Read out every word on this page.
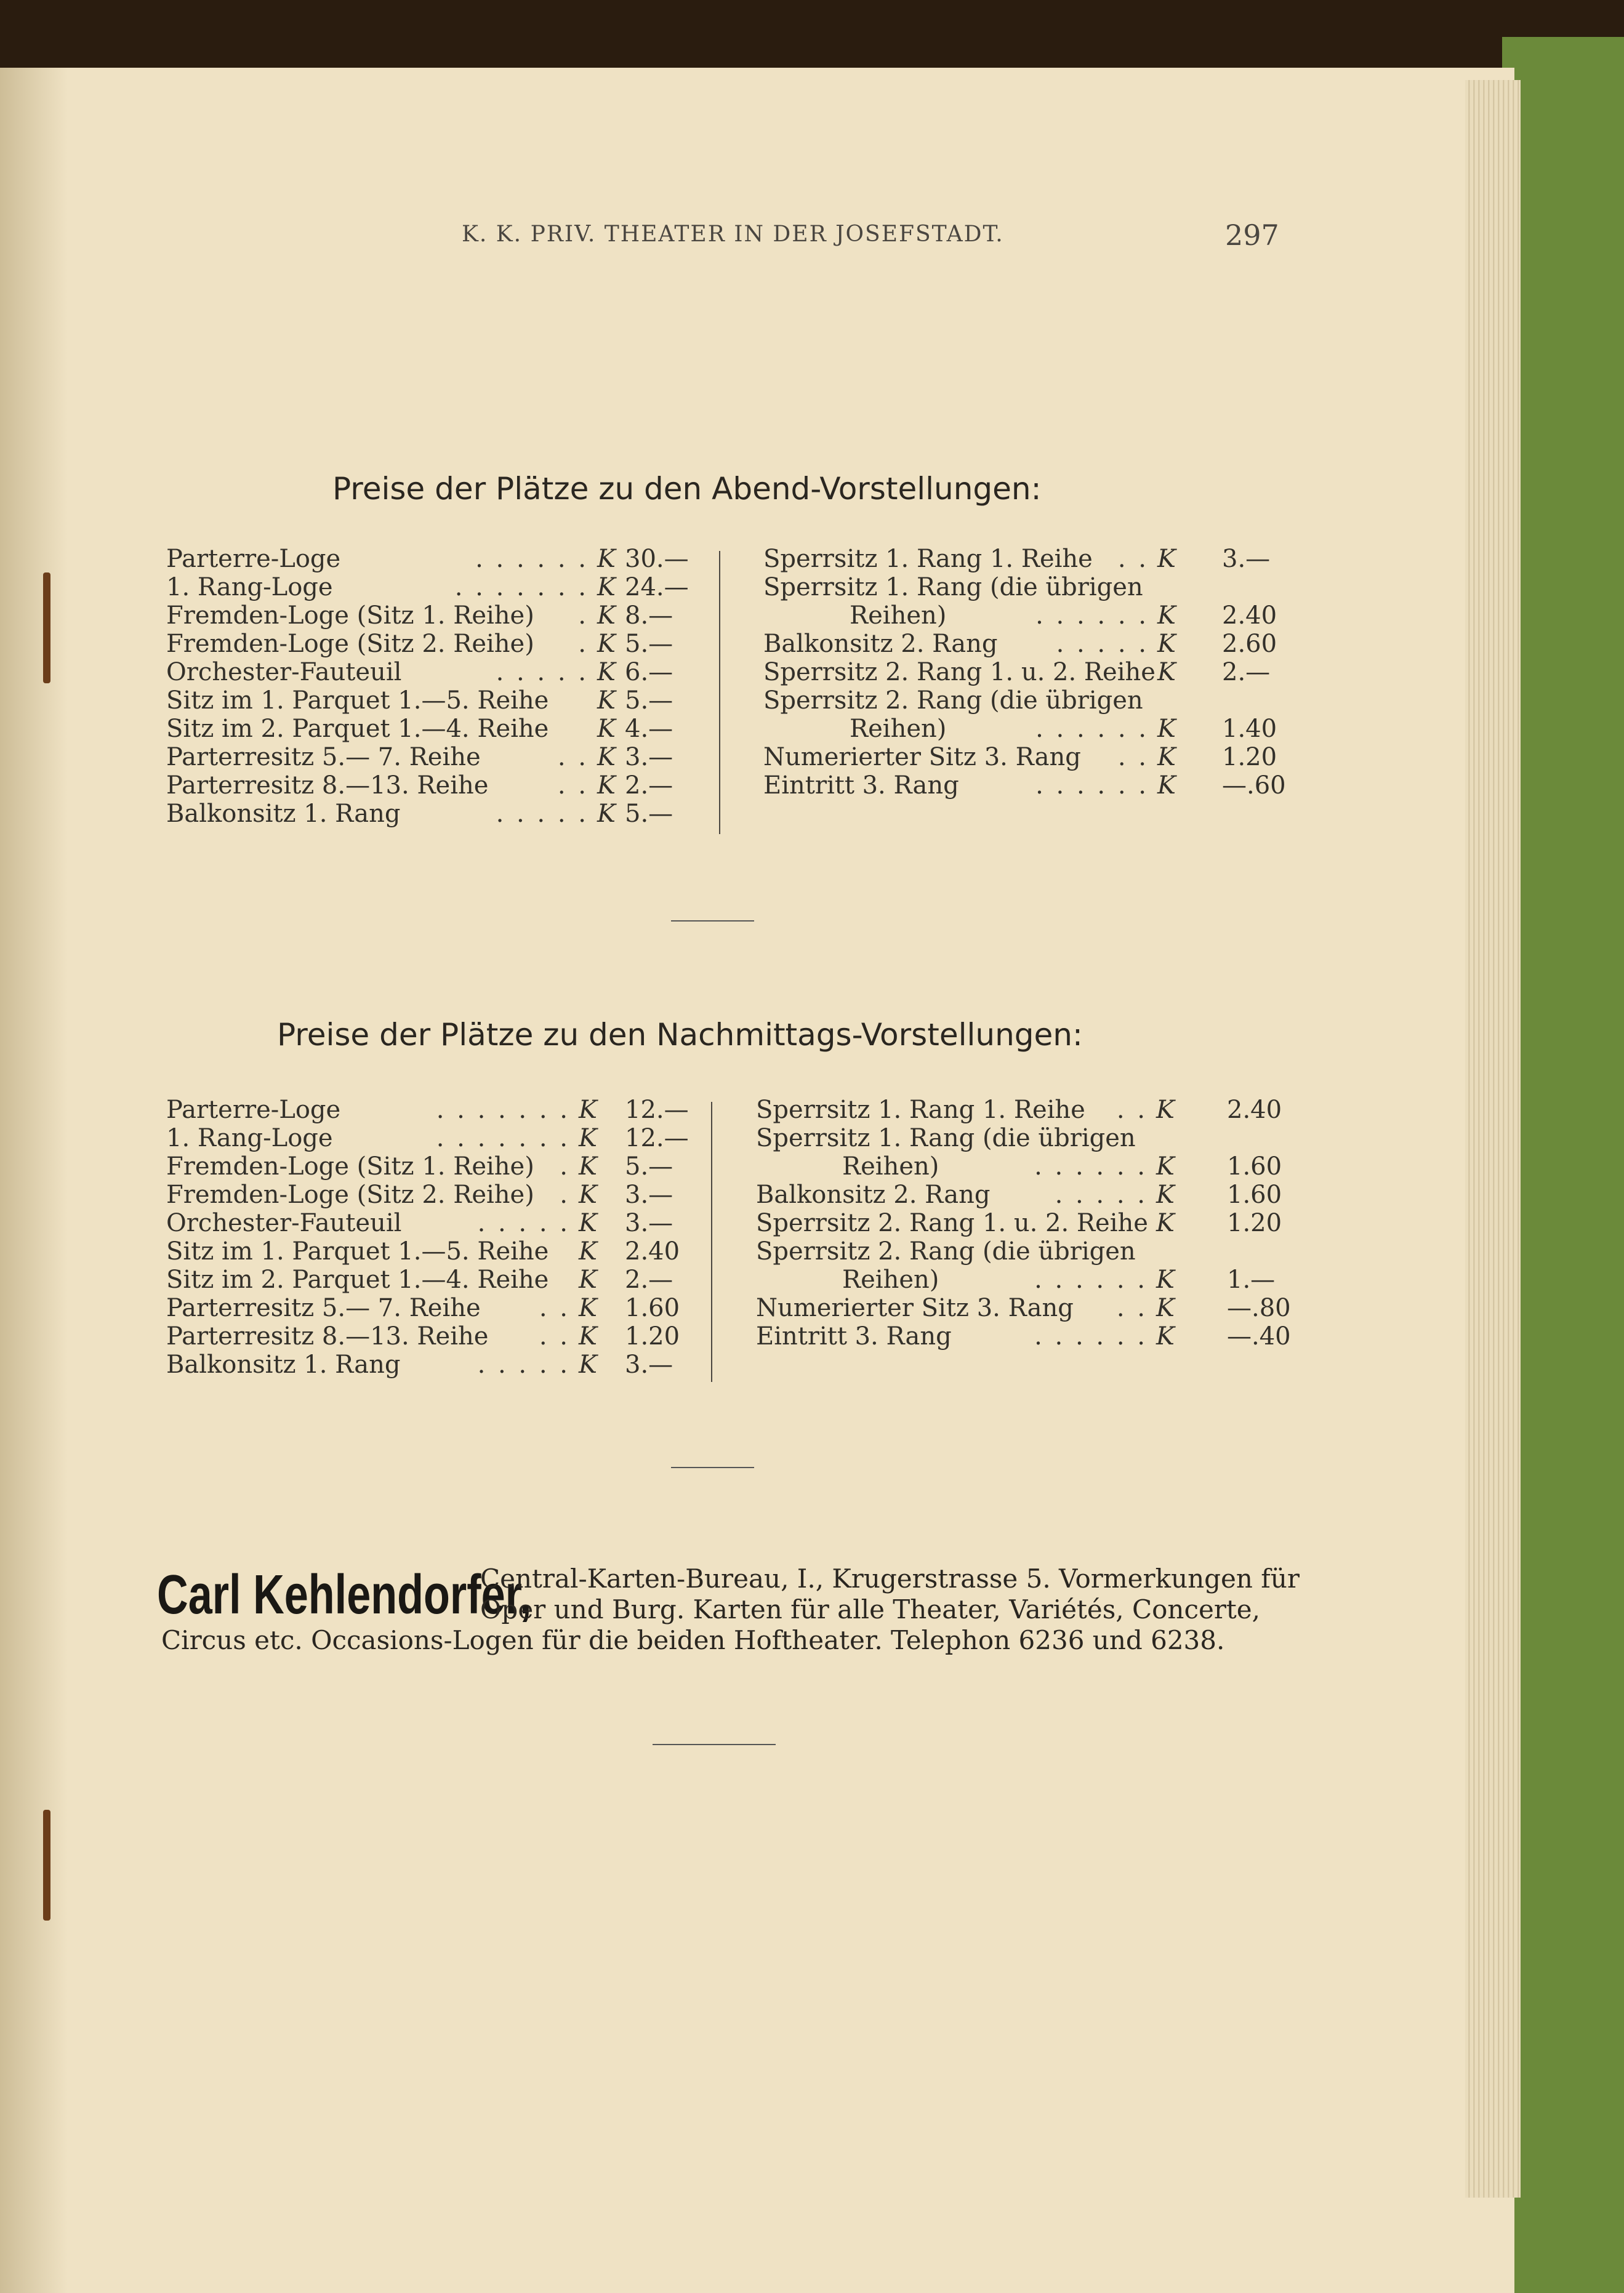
K. K. PRIV. THEATER IN DER JOSEFSTADT.	297
Preise der Plätze zu den Abend-Vorstellungen:
Parterre-Loge	. . . . . . K 30.—
1. Rang-Loge	. . . . . . . K 24.—
Fremden-Loge (Sitz 1. Reihe) . K 8.—
Fremden-Loge (Sitz 2. Reihe) . K 5.—
Orchester-Fauteuil	. . . . . K 6.—
Sitz im 1. Parquet 1.—5. Reihe K 5.—
Sitz im 2. Parquet 1.—4. Reihe K 4.—
Parterresitz 5.— 7. Reihe	. . K 3.—
Parterresitz 8.—13. Reihe	. . K 2.—
Balkonsitz 1. Rang	. . . . . K 5.—
Sperrsitz 1. Rang 1. Reihe . . K 3.—
Sperrsitz 1. Rang (die übrigen
Reihen)	. . . . . . K 2.40
Balkonsitz 2. Rang . . . . . K 2.60
Sperrsitz 2. Rang 1. u. 2. Reihe K 2.—
Sperrsitz 2. Rang (die übrigen
Reihen)	. . . . . . K 1.40
Numerierter Sitz 3. Rang . . K 1.20
Eintritt 3. Rang	. . . . . . K —.60
Preise der Plätze zu den Nachmittags-Vorstellungen:
Parterre-Loge	. . . . . . . K 12.—
1. Rang-Loge	. . . . . . . K 12.—
Fremden-Loge (Sitz 1. Reihe) . K 5.—
Fremden-Loge (Sitz 2. Reihe) . K 3.—
Orchester-Fauteuil	. . . . . K 3.—
Sitz im 1. Parquet 1.—5. Reihe K 2.40
Sitz im 2. Parquet 1.—4. Reihe K 2.—
Parterresitz 5.— 7. Reihe . . K 1.60
Parterresitz 8.—13. Reihe . . K 1.20
Balkonsitz 1. Rang	. . . . . K 3.—
Sperrsitz 1. Rang 1. Reihe . . K 2.40
Sperrsitz 1. Rang (die übrigen
Reihen)	. . . . . . K 1.60
Balkonsitz 2. Rang	. . . . . K 1.60
Sperrsitz 2. Rang 1. u. 2. Reihe K 1.20
Sperrsitz 2. Rang (die übrigen
Reihen)	. . . . . . K 1.—
Numerierter Sitz 3. Rang . . K —.80
Eintritt 3. Rang	. . . . . . K —.40
Carl Kehlendorfer,
Central-Karten-Bureau, I., Krugerstrasse 5. Vormerkungen für
Oper und Burg. Karten für alle Theater, Variétés, Concerte,
Circus etc. Occasions-Logen für die beiden Hoftheater. Telephon 6236 und 6238.
